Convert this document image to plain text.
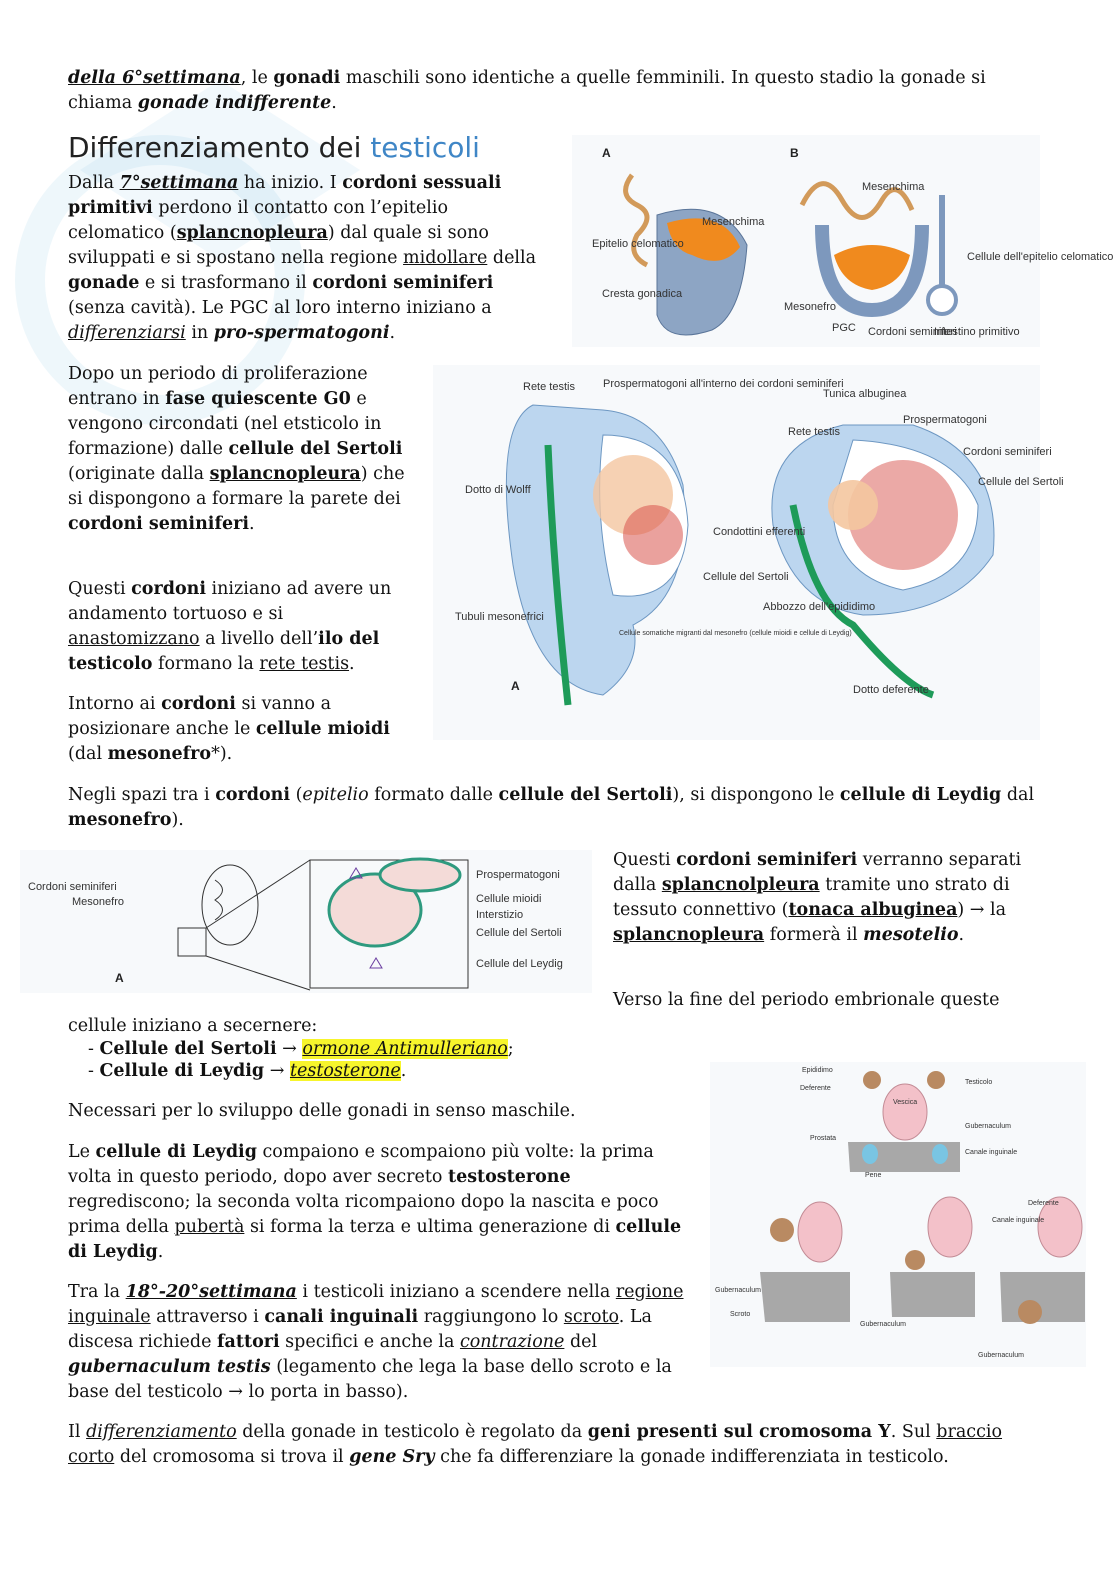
della 6°settimana, le gonadi maschili sono identiche a quelle femminili. In questo stadio la gonade si chiama gonade indifferente.

Differenziamento dei testicoli

Dalla 7°settimana ha inizio. I cordoni sessuali primitivi perdono il contatto con l’epitelio celomatico (splancnopleura) dal quale si sono sviluppati e si spostano nella regione midollare della gonade e si trasformano il cordoni seminiferi (senza cavità). Le PGC al loro interno iniziano a differenziarsi in pro-spermatogoni.

Dopo un periodo di proliferazione entrano in fase quiescente G0 e vengono circondati (nel etsticolo in formazione) dalle cellule del Sertoli (originate dalla splancnopleura) che si dispongono a formare la parete dei cordoni seminiferi.

Questi cordoni iniziano ad avere un andamento tortuoso e si anastomizzano a livello dell’ilo del testicolo formano la rete testis.

Intorno ai cordoni si vanno a posizionare anche le cellule mioidi (dal mesonefro*).

Negli spazi tra i cordoni (epitelio formato dalle cellule del Sertoli), si dispongono le cellule di Leydig dal mesonefro).

Questi cordoni seminiferi verranno separati dalla splancnolpleura tramite uno strato di tessuto connettivo (tonaca albuginea) → la splancnopleura formerà il mesotelio.

Verso la fine del periodo embrionale queste

cellule iniziano a secernere:

- Cellule del Sertoli → ormone Antimulleriano;
- Cellule di Leydig → testosterone.

Necessari per lo sviluppo delle gonadi in senso maschile.

Le cellule di Leydig compaiono e scompaiono più volte: la prima volta in questo periodo, dopo aver secreto testosterone regrediscono; la seconda volta ricompaiono dopo la nascita e poco prima della pubertà si forma la terza e ultima generazione di cellule di Leydig.

Tra la 18°-20°settimana i testicoli iniziano a scendere nella regione inguinale attraverso i canali inguinali raggiungono lo scroto. La discesa richiede fattori specifici e anche la contrazione del gubernaculum testis (legamento che lega la base dello scroto e la base del testicolo → lo porta in basso).

Il differenziamento della gonade in testicolo è regolato da geni presenti sul cromosoma Y. Sul braccio corto del cromosoma si trova il gene Sry che fa differenziare la gonade indifferenziata in testicolo.

A	B
Mesenchima
Epitelio celomatico
Cresta gonadica
Mesenchima
Cellule dell'epitelio celomatico
Mesonefro
PGC Cordoni seminiferi
Intestino primitivo
Rete testis	Prospermatogoni all'interno dei cordoni seminiferi
Dotto di Wolff
Tubuli mesonefrici
Cellule somatiche migranti dal mesonefro (cellule mioidi e cellule di Leydig)
Cellule del Sertoli
Tunica albuginea
Prospermatogoni
Rete testis
Cordoni seminiferi
Cellule del Sertoli
Condottini efferenti
Abbozzo dell'epididimo
Dotto deferente
A
Cordoni seminiferi
Mesonefro
Prospermatogoni
Cellule mioidi
Interstizio
Cellule del Sertoli
Cellule del Leydig
A
Epididimo
Deferente
Testicolo
Vescica
Gubernaculum
Prostata
Canale inguinale
Pene
Deferente
Canale inguinale
Gubernaculum
Scroto
Gubernaculum
Gubernaculum
